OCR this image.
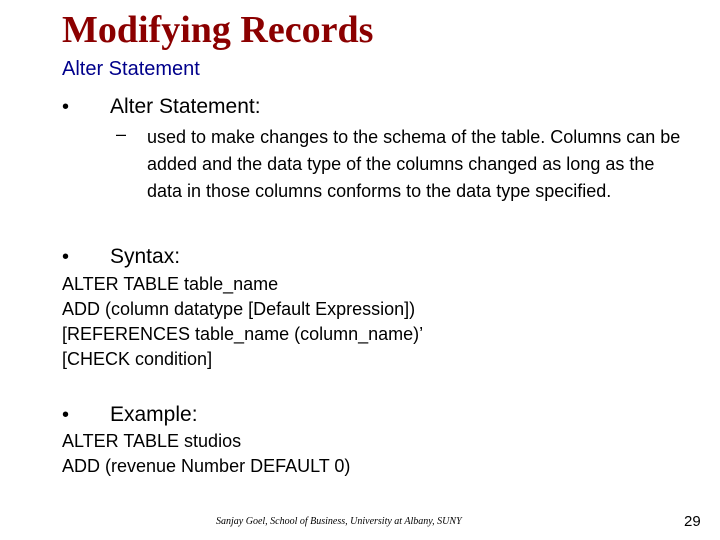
Modifying Records
Alter Statement
• Alter Statement:
– used to make changes to the schema of the table. Columns can be added and the data type of the columns changed as long as the data in those columns conforms to the data type specified.
• Syntax:
ALTER TABLE table_name
ADD (column datatype [Default Expression])
[REFERENCES table_name (column_name)’
[CHECK condition]
• Example:
ALTER TABLE studios
ADD (revenue Number DEFAULT 0)
Sanjay Goel, School of Business, University at Albany, SUNY	29
